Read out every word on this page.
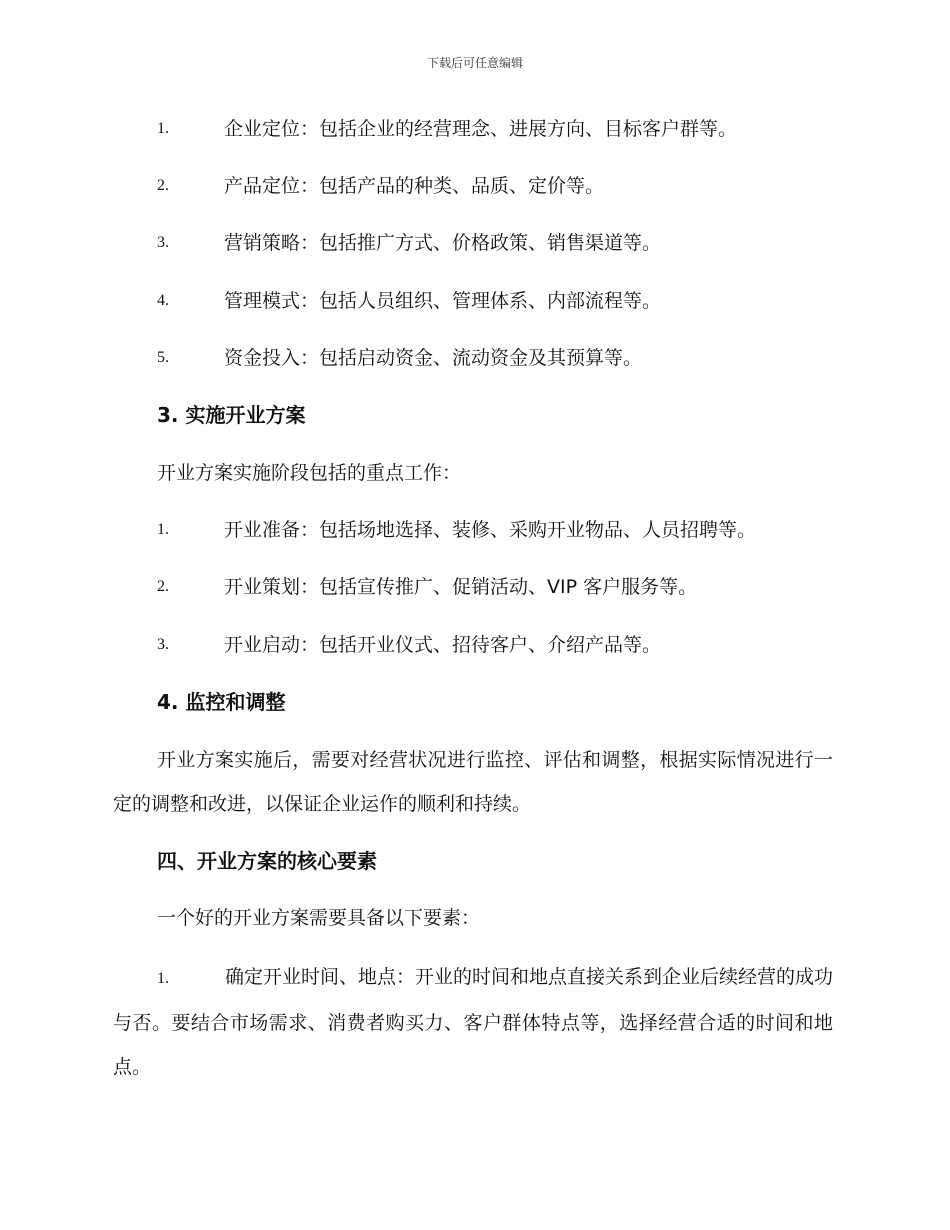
下载后可任意编辑
1.	企业定位：包括企业的经营理念、进展方向、目标客户群等。
2.	产品定位：包括产品的种类、品质、定价等。
3.	营销策略：包括推广方式、价格政策、销售渠道等。
4.	管理模式：包括人员组织、管理体系、内部流程等。
5.	资金投入：包括启动资金、流动资金及其预算等。
3. 实施开业方案
开业方案实施阶段包括的重点工作：
1.	开业准备：包括场地选择、装修、采购开业物品、人员招聘等。
2.	开业策划：包括宣传推广、促销活动、VIP 客户服务等。
3.	开业启动：包括开业仪式、招待客户、介绍产品等。
4. 监控和调整
开业方案实施后，需要对经营状况进行监控、评估和调整，根据实际情况进行一定的调整和改进，以保证企业运作的顺利和持续。
四、开业方案的核心要素
一个好的开业方案需要具备以下要素：
1.	确定开业时间、地点：开业的时间和地点直接关系到企业后续经营的成功与否。要结合市场需求、消费者购买力、客户群体特点等，选择经营合适的时间和地点。
